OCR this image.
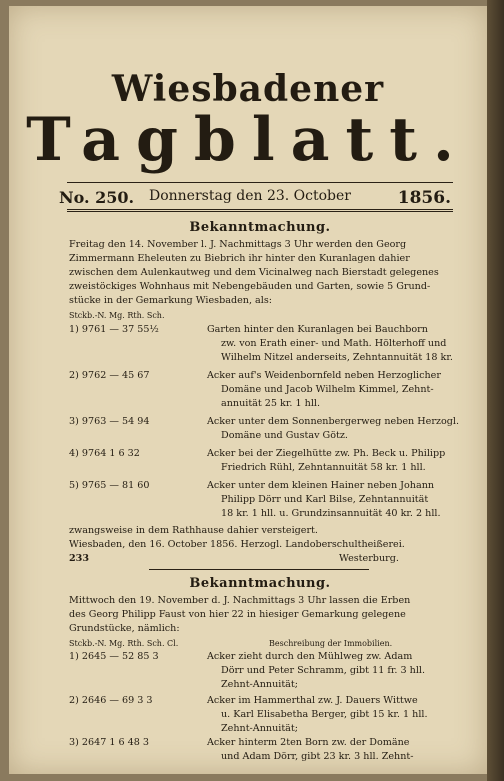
Wiesbadener
Tagblatt.
No. 250. Donnerstag den 23. October	1856.
Bekanntmachung.
Freitag den 14. November l. J. Nachmittags 3 Uhr werden den Georg
Zimmermann Eheleuten zu Biebrich ihr hinter den Kuranlagen dahier
zwischen dem Aulenkautweg und dem Vicinalweg nach Bierstadt gelegenes
zweistöckiges Wohnhaus mit Nebengebäuden und Garten, sowie 5 Grund-
stücke in der Gemarkung Wiesbaden, als:
Stckb.-N. Mg. Rth. Sch.
1) 9761 — 37 55½	Garten hinter den Kuranlagen bei Bauchborn
zw. von Erath einer- und Math. Hölterhoff und
Wilhelm Nitzel anderseits, Zehntannuität 18 kr.
2) 9762 — 45 67	Acker auf's Weidenbornfeld neben Herzoglicher
Domäne und Jacob Wilhelm Kimmel, Zehnt-
annuität 25 kr. 1 hll.
3) 9763 — 54 94	Acker unter dem Sonnenbergerweg neben Herzogl.
Domäne und Gustav Götz.
4) 9764 1 6 32	Acker bei der Ziegelhütte zw. Ph. Beck u. Philipp
Friedrich Rühl, Zehntannuität 58 kr. 1 hll.
5) 9765 — 81 60	Acker unter dem kleinen Hainer neben Johann
Philipp Dörr und Karl Bilse, Zehntannuität
18 kr. 1 hll. u. Grundzinsannuität 40 kr. 2 hll.
zwangsweise in dem Rathhause dahier versteigert.
Wiesbaden, den 16. October 1856. Herzogl. Landoberschultheißerei.
Westerburg.
233
Bekanntmachung.
Mittwoch den 19. November d. J. Nachmittags 3 Uhr lassen die Erben
des Georg Philipp Faust von hier 22 in hiesiger Gemarkung gelegene
Grundstücke, nämlich:
Stckb.-N. Mg. Rth. Sch. Cl.	Beschreibung der Immobilien.
1) 2645 — 52 85 3	Acker zieht durch den Mühlweg zw. Adam
Dörr und Peter Schramm, gibt 11 fr. 3 hll.
Zehnt-Annuität;
2) 2646 — 69 3 3	Acker im Hammerthal zw. J. Dauers Wittwe
u. Karl Elisabetha Berger, gibt 15 kr. 1 hll.
Zehnt-Annuität;
3) 2647 1 6 48 3	Acker hinterm 2ten Born zw. der Domäne
und Adam Dörr, gibt 23 kr. 3 hll. Zehnt-
